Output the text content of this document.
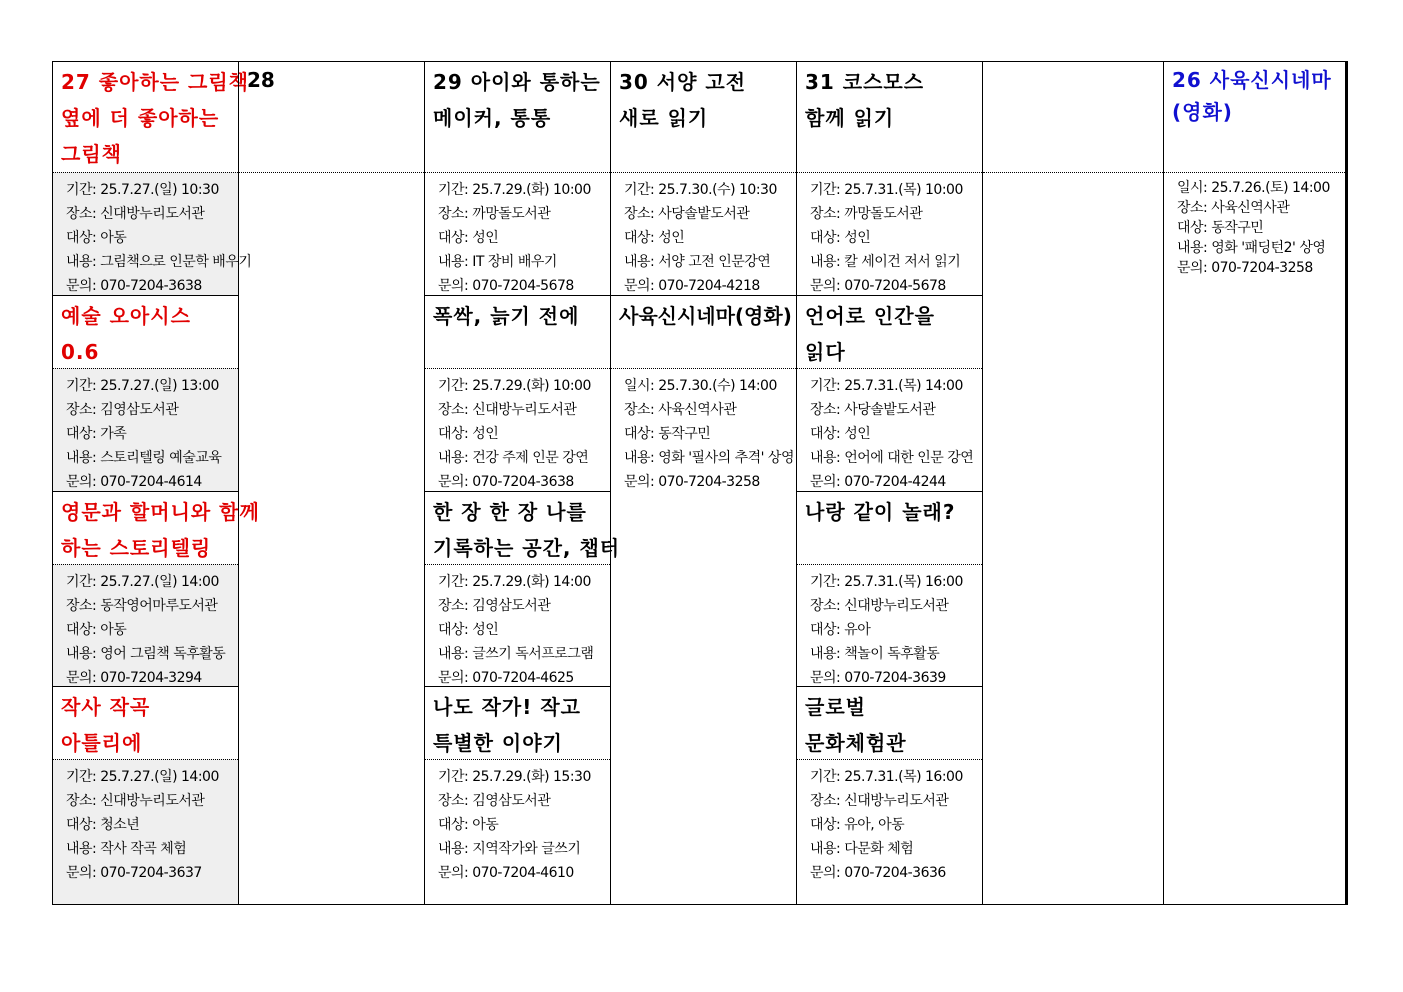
27 좋아하는 그림책
옆에 더 좋아하는
그림책
기간: 25.7.27.(일) 10:30
장소: 신대방누리도서관
대상: 아동
내용: 그림책으로 인문학 배우기
문의: 070-7204-3638
예술 오아시스
0.6
기간: 25.7.27.(일) 13:00
장소: 김영삼도서관
대상: 가족
내용: 스토리텔링 예술교육
문의: 070-7204-4614
영문과 할머니와 함께
하는 스토리텔링
기간: 25.7.27.(일) 14:00
장소: 동작영어마루도서관
대상: 아동
내용: 영어 그림책 독후활동
문의: 070-7204-3294
작사 작곡
아틀리에
기간: 25.7.27.(일) 14:00
장소: 신대방누리도서관
대상: 청소년
내용: 작사 작곡 체험
문의: 070-7204-3637
28	29 아이와 통하는
메이커, 통통
기간: 25.7.29.(화) 10:00
장소: 까망돌도서관
대상: 성인
내용: IT 장비 배우기
문의: 070-7204-5678
폭싹, 늙기 전에
기간: 25.7.29.(화) 10:00
장소: 신대방누리도서관
대상: 성인
내용: 건강 주제 인문 강연
문의: 070-7204-3638
한 장 한 장 나를
기록하는 공간, 챕터
기간: 25.7.29.(화) 14:00
장소: 김영삼도서관
대상: 성인
내용: 글쓰기 독서프로그램
문의: 070-7204-4625
나도 작가! 작고
특별한 이야기
기간: 25.7.29.(화) 15:30
장소: 김영삼도서관
대상: 아동
내용: 지역작가와 글쓰기
문의: 070-7204-4610
30 서양 고전
새로 읽기
기간: 25.7.30.(수) 10:30
장소: 사당솔밭도서관
대상: 성인
내용: 서양 고전 인문강연
문의: 070-7204-4218
사육신시네마(영화)
일시: 25.7.30.(수) 14:00
장소: 사육신역사관
대상: 동작구민
내용: 영화 '필사의 추격' 상영
문의: 070-7204-3258
31 코스모스
함께 읽기
기간: 25.7.31.(목) 10:00
장소: 까망돌도서관
대상: 성인
내용: 칼 세이건 저서 읽기
문의: 070-7204-5678
언어로 인간을
읽다
기간: 25.7.31.(목) 14:00
장소: 사당솔밭도서관
대상: 성인
내용: 언어에 대한 인문 강연
문의: 070-7204-4244
나랑 같이 놀래?
기간: 25.7.31.(목) 16:00
장소: 신대방누리도서관
대상: 유아
내용: 책놀이 독후활동
문의: 070-7204-3639
글로벌
문화체험관
기간: 25.7.31.(목) 16:00
장소: 신대방누리도서관
대상: 유아, 아동
내용: 다문화 체험
문의: 070-7204-3636
26 사육신시네마
(영화)
일시: 25.7.26.(토) 14:00
장소: 사육신역사관
대상: 동작구민
내용: 영화 '패딩턴2' 상영
문의: 070-7204-3258
